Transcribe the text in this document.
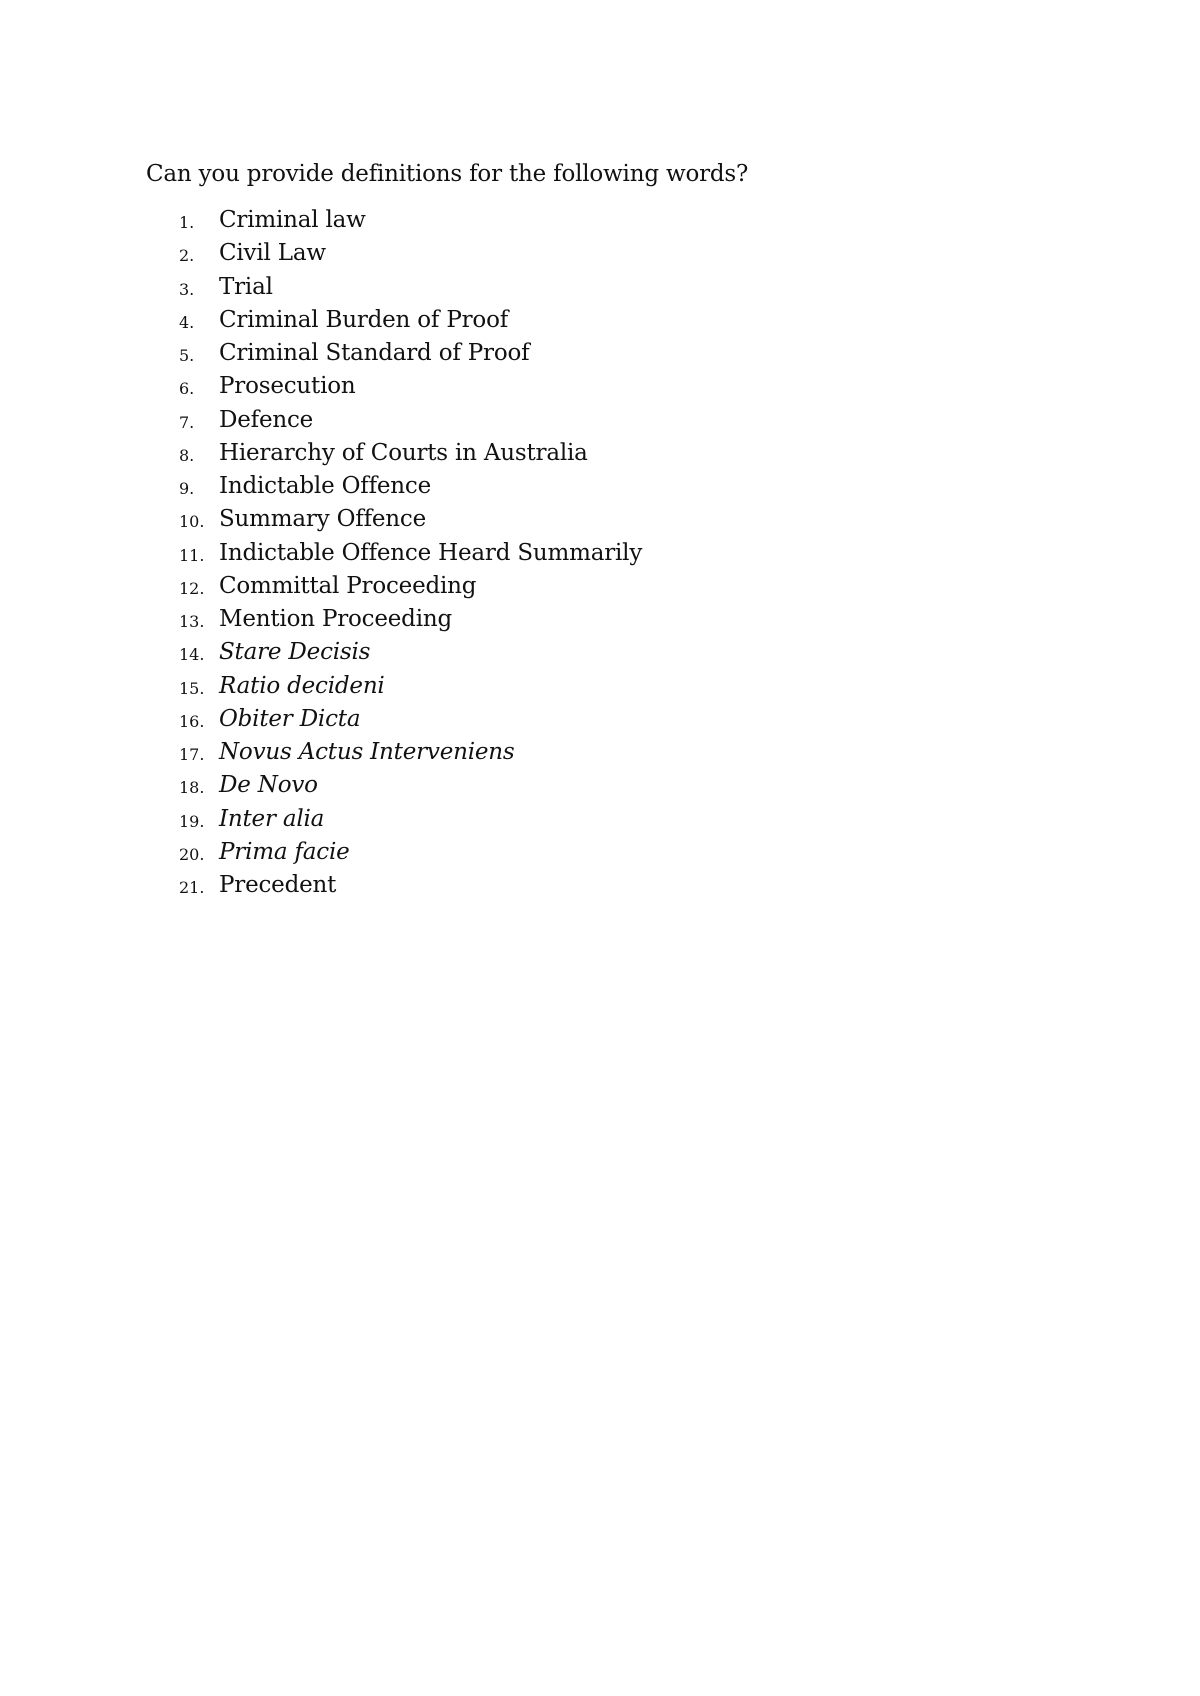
Can you provide definitions for the following words?
1. Criminal law
2. Civil Law
3. Trial
4. Criminal Burden of Proof
5. Criminal Standard of Proof
6. Prosecution
7. Defence
8. Hierarchy of Courts in Australia
9. Indictable Offence
10. Summary Offence
11. Indictable Offence Heard Summarily
12. Committal Proceeding
13. Mention Proceeding
14. Stare Decisis
15. Ratio decideni
16. Obiter Dicta
17. Novus Actus Interveniens
18. De Novo
19. Inter alia
20. Prima facie
21. Precedent
